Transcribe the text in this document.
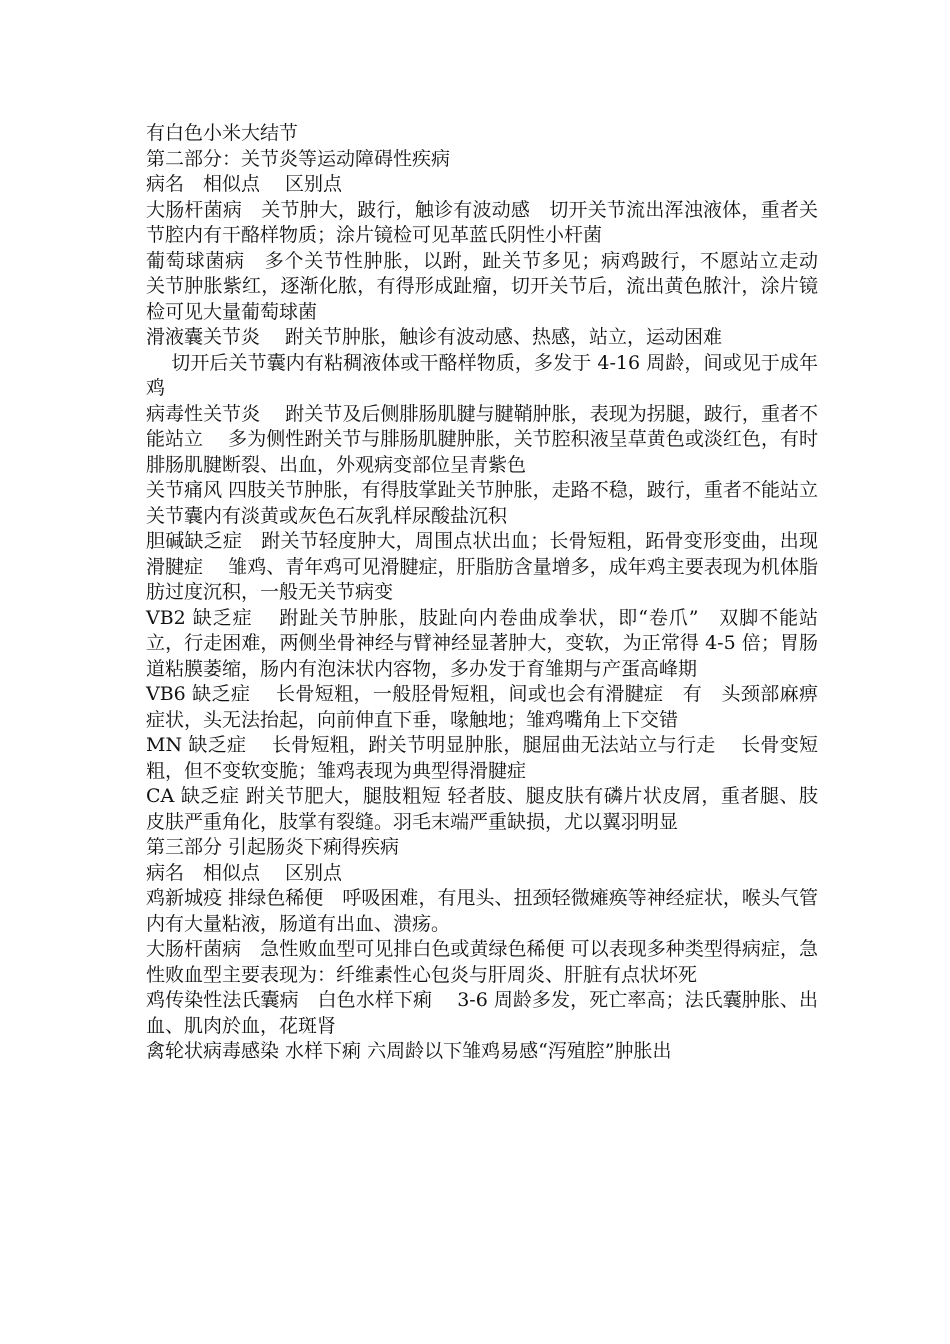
有白色小米大结节

第二部分：关节炎等运动障碍性疾病

病名　相似点　 区别点

大肠杆菌病　关节肿大，跛行，触诊有波动感　切开关节流出浑浊液体，重者关节腔内有干酪样物质；涂片镜检可见革蓝氏阴性小杆菌

葡萄球菌病　多个关节性肿胀，以跗，趾关节多见；病鸡跛行，不愿站立走动　关节肿胀紫红，逐渐化脓，有得形成趾瘤，切开关节后，流出黄色脓汁，涂片镜检可见大量葡萄球菌

滑液囊关节炎　 跗关节肿胀，触诊有波动感、热感，站立，运动困难

　 切开后关节囊内有粘稠液体或干酪样物质，多发于 4-16 周龄，间或见于成年鸡

病毒性关节炎　 跗关节及后侧腓肠肌腱与腱鞘肿胀，表现为拐腿，跛行，重者不能站立　 多为侧性跗关节与腓肠肌腱肿胀，关节腔积液呈草黄色或淡红色，有时腓肠肌腱断裂、出血，外观病变部位呈青紫色

关节痛风 四肢关节肿胀，有得肢掌趾关节肿胀，走路不稳，跛行，重者不能站立　 关节囊内有淡黄或灰色石灰乳样尿酸盐沉积

胆碱缺乏症　跗关节轻度肿大，周围点状出血；长骨短粗，跖骨变形变曲，出现滑腱症　 雏鸡、青年鸡可见滑腱症，肝脂肪含量增多，成年鸡主要表现为机体脂肪过度沉积，一般无关节病变

VB2 缺乏症　 跗趾关节肿胀，肢趾向内卷曲成拳状，即“卷爪”　双脚不能站立，行走困难，两侧坐骨神经与臂神经显著肿大，变软，为正常得 4-5 倍；胃肠道粘膜萎缩，肠内有泡沫状内容物，多办发于育雏期与产蛋高峰期

VB6 缺乏症　 长骨短粗，一般胫骨短粗，间或也会有滑腱症　有　头颈部麻痹症状，头无法抬起，向前伸直下垂，喙触地；雏鸡嘴角上下交错

MN 缺乏症　 长骨短粗，跗关节明显肿胀，腿屈曲无法站立与行走　 长骨变短粗，但不变软变脆；雏鸡表现为典型得滑腱症

CA 缺乏症 跗关节肥大，腿肢粗短 轻者肢、腿皮肤有磷片状皮屑，重者腿、肢皮肤严重角化，肢掌有裂缝。羽毛末端严重缺损，尤以翼羽明显

第三部分 引起肠炎下痢得疾病

病名　相似点　 区别点

鸡新城疫 排绿色稀便　呼吸困难，有甩头、扭颈轻微瘫痪等神经症状，喉头气管内有大量粘液，肠道有出血、溃疡。

大肠杆菌病　急性败血型可见排白色或黄绿色稀便 可以表现多种类型得病症，急性败血型主要表现为：纤维素性心包炎与肝周炎、肝脏有点状坏死

鸡传染性法氏囊病　白色水样下痢　 3-6 周龄多发，死亡率高；法氏囊肿胀、出血、肌肉於血，花斑肾

禽轮状病毒感染 水样下痢 六周龄以下雏鸡易感“泻殖腔”肿胀出
